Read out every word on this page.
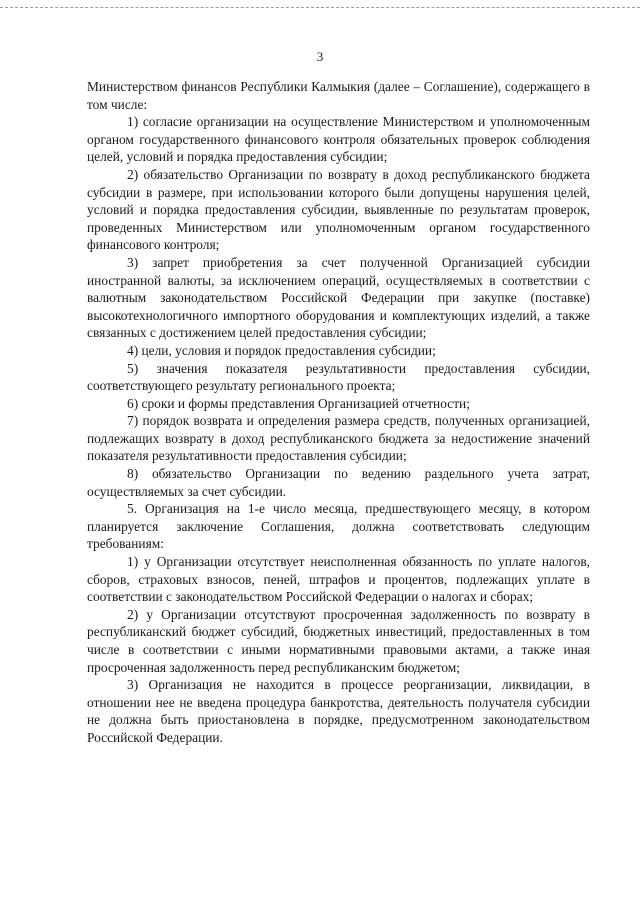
3

Министерством финансов Республики Калмыкия (далее – Соглашение), содержащего в том числе:

1) согласие организации на осуществление Министерством и уполномоченным органом государственного финансового контроля обязательных проверок соблюдения целей, условий и порядка предоставления субсидии;

2) обязательство Организации по возврату в доход республиканского бюджета субсидии в размере, при использовании которого были допущены нарушения целей, условий и порядка предоставления субсидии, выявленные по результатам проверок, проведенных Министерством или уполномоченным органом государственного финансового контроля;

3) запрет приобретения за счет полученной Организацией субсидии иностранной валюты, за исключением операций, осуществляемых в соответствии с валютным законодательством Российской Федерации при закупке (поставке) высокотехнологичного импортного оборудования и комплектующих изделий, а также связанных с достижением целей предоставления субсидии;

4) цели, условия и порядок предоставления субсидии;

5) значения показателя результативности предоставления субсидии, соответствующего результату регионального проекта;

6) сроки и формы представления Организацией отчетности;

7) порядок возврата и определения размера средств, полученных организацией, подлежащих возврату в доход республиканского бюджета за недостижение значений показателя результативности предоставления субсидии;

8) обязательство Организации по ведению раздельного учета затрат, осуществляемых за счет субсидии.

5. Организация на 1-е число месяца, предшествующего месяцу, в котором планируется заключение Соглашения, должна соответствовать следующим требованиям:

1) у Организации отсутствует неисполненная обязанность по уплате налогов, сборов, страховых взносов, пеней, штрафов и процентов, подлежащих уплате в соответствии с законодательством Российской Федерации о налогах и сборах;

2) у Организации отсутствуют просроченная задолженность по возврату в республиканский бюджет субсидий, бюджетных инвестиций, предоставленных в том числе в соответствии с иными нормативными правовыми актами, а также иная просроченная задолженность перед республиканским бюджетом;

3) Организация не находится в процессе реорганизации, ликвидации, в отношении нее не введена процедура банкротства, деятельность получателя субсидии не должна быть приостановлена в порядке, предусмотренном законодательством Российской Федерации.
